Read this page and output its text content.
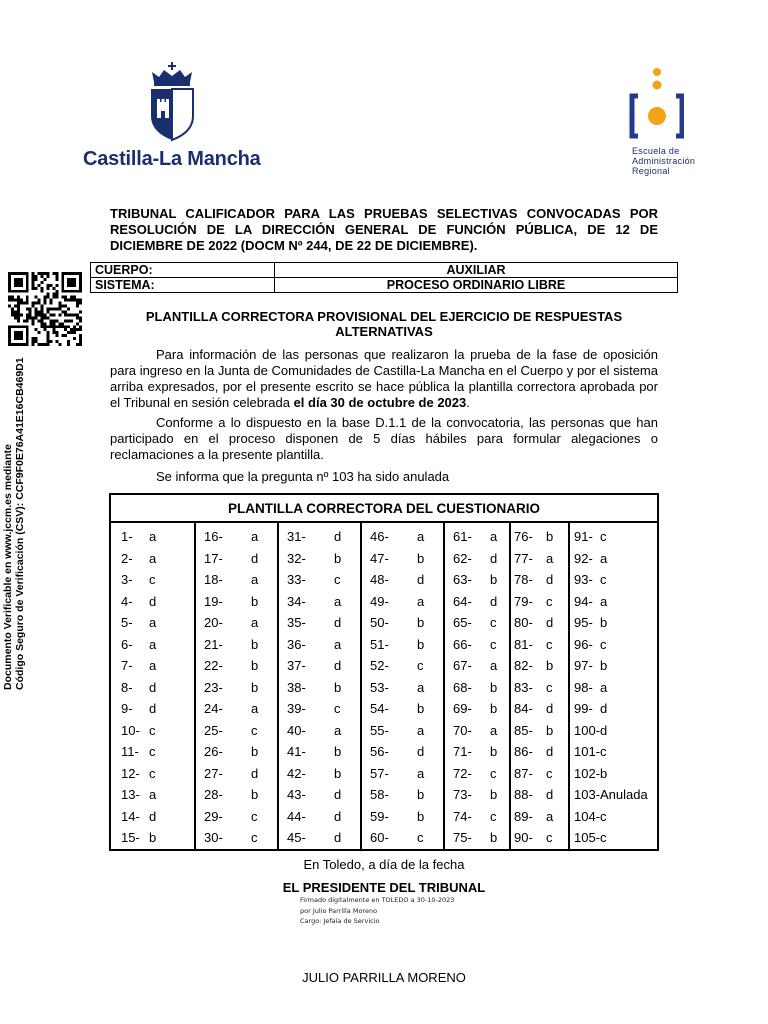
Castilla-La Mancha	Escuela de
Administración
Regional
Documento Verificable en www.jccm.es mediante Código Seguro de Verificación (CSV): CCF9F0E76A41E16CB469D1
TRIBUNAL CALIFICADOR PARA LAS PRUEBAS SELECTIVAS CONVOCADAS POR RESOLUCIÓN DE LA DIRECCIÓN GENERAL DE FUNCIÓN PÚBLICA, DE 12 DE DICIEMBRE DE 2022 (DOCM Nº 244, DE 22 DE DICIEMBRE).
CUERPO:	AUXILIAR
SISTEMA:	PROCESO ORDINARIO LIBRE
PLANTILLA CORRECTORA PROVISIONAL DEL EJERCICIO DE RESPUESTAS
ALTERNATIVAS
Para información de las personas que realizaron la prueba de la fase de oposición para ingreso en la Junta de Comunidades de Castilla-La Mancha en el Cuerpo y por el sistema arriba expresados, por el presente escrito se hace pública la plantilla correctora aprobada por el Tribunal en sesión celebrada el día 30 de octubre de 2023.
Conforme a lo dispuesto en la base D.1.1 de la convocatoria, las personas que han participado en el proceso disponen de 5 días hábiles para formular alegaciones o reclamaciones a la presente plantilla.
Se informa que la pregunta nº 103 ha sido anulada
PLANTILLA CORRECTORA DEL CUESTIONARIO
1- a
2- a
3- c
4- d
5- a
6- a
7- a
8- d
9- d
10- c
11- c
12- c
13- a
14- d
15- b
16- a
17- d
18- a
19- b
20- a
21- b
22- b
23- b
24- a
25- c
26- b
27- d
28- b
29- c
30- c
31- d
32- b
33- c
34- a
35- d
36- a
37- d
38- b
39- c
40- a
41- b
42- b
43- d
44- d
45- d
46- a
47- b
48- d
49- a
50- b
51- b
52- c
53- a
54- b
55- a
56- d
57- a
58- b
59- b
60- c
61- a
62- d
63- b
64- d
65- c
66- c
67- a
68- b
69- b
70- a
71- b
72- c
73- b
74- c
75- b
76- b
77- a
78- d
79- c
80- d
81- c
82- b
83- c
84- d
85- b
86- d
87- c
88- d
89- a
90- c
91- c
92- a
93- c
94- a
95- b
96- c
97- b
98- a
99- d
100- d
101- c
102- b
103- Anulada
104- c
105- c
En Toledo, a día de la fecha
EL PRESIDENTE DEL TRIBUNAL
Firmado digitalmente en TOLEDO a 30-10-2023
por Julio Parrilla Moreno
Cargo: Jefaía de Servicio
JULIO PARRILLA MORENO
